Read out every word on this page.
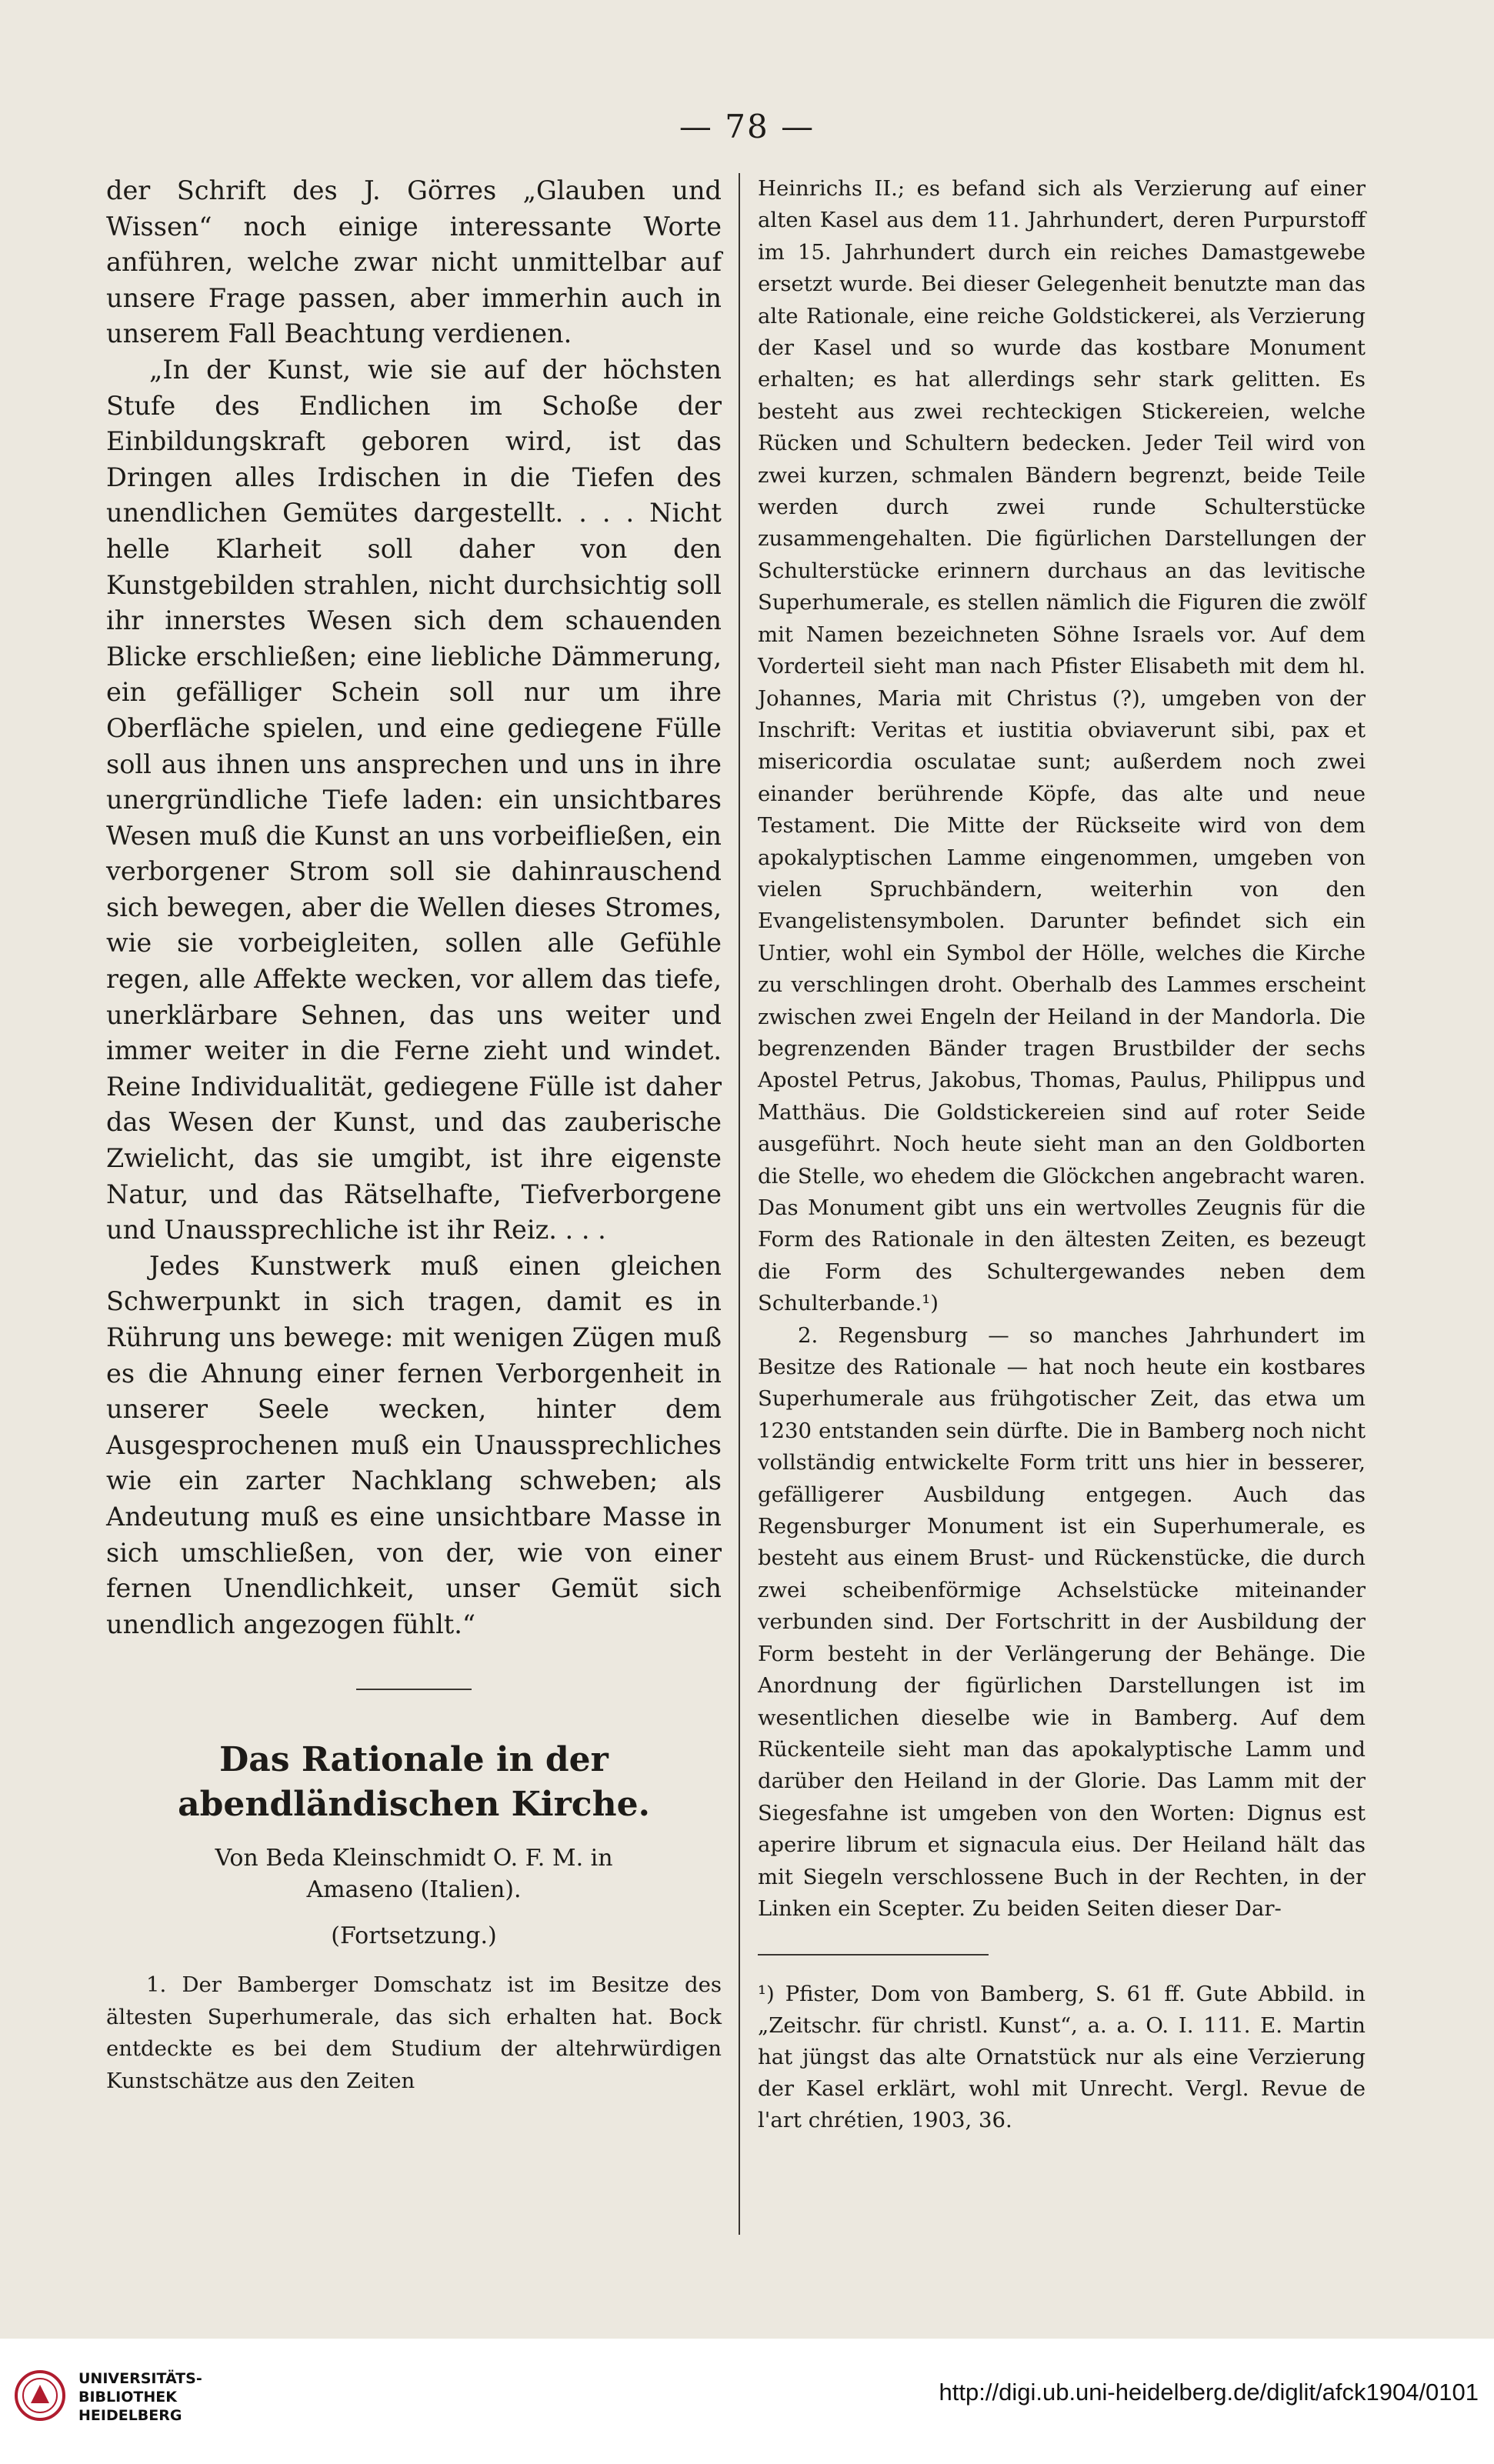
— 78 —

der Schrift des J. Görres „Glauben und Wissen“ noch einige interessante Worte anführen, welche zwar nicht unmittelbar auf unsere Frage passen, aber immerhin auch in unserem Fall Beachtung verdienen.

„In der Kunst, wie sie auf der höchsten Stufe des Endlichen im Schoße der Einbildungskraft geboren wird, ist das Dringen alles Irdischen in die Tiefen des unendlichen Gemütes dargestellt. . . . Nicht helle Klarheit soll daher von den Kunstgebilden strahlen, nicht durchsichtig soll ihr innerstes Wesen sich dem schauenden Blicke erschließen; eine liebliche Dämmerung, ein gefälliger Schein soll nur um ihre Oberfläche spielen, und eine gediegene Fülle soll aus ihnen uns ansprechen und uns in ihre unergründliche Tiefe laden: ein unsichtbares Wesen muß die Kunst an uns vorbeifließen, ein verborgener Strom soll sie dahinrauschend sich bewegen, aber die Wellen dieses Stromes, wie sie vorbeigleiten, sollen alle Gefühle regen, alle Affekte wecken, vor allem das tiefe, unerklärbare Sehnen, das uns weiter und immer weiter in die Ferne zieht und windet. Reine Individualität, gediegene Fülle ist daher das Wesen der Kunst, und das zauberische Zwielicht, das sie umgibt, ist ihre eigenste Natur, und das Rätselhafte, Tiefverborgene und Unaussprechliche ist ihr Reiz. . . .

Jedes Kunstwerk muß einen gleichen Schwerpunkt in sich tragen, damit es in Rührung uns bewege: mit wenigen Zügen muß es die Ahnung einer fernen Verborgenheit in unserer Seele wecken, hinter dem Ausgesprochenen muß ein Unaussprechliches wie ein zarter Nachklang schweben; als Andeutung muß es eine unsichtbare Masse in sich umschließen, von der, wie von einer fernen Unendlichkeit, unser Gemüt sich unendlich angezogen fühlt.“

Das Rationale in der abendländischen Kirche.

Von Beda Kleinschmidt O. F. M. in

Amaseno (Italien).

(Fortsetzung.)

1. Der Bamberger Domschatz ist im Besitze des ältesten Superhumerale, das sich erhalten hat. Bock entdeckte es bei dem Studium der altehrwürdigen Kunstschätze aus den Zeiten

Heinrichs II.; es befand sich als Verzierung auf einer alten Kasel aus dem 11. Jahrhundert, deren Purpurstoff im 15. Jahrhundert durch ein reiches Damastgewebe ersetzt wurde. Bei dieser Gelegenheit benutzte man das alte Rationale, eine reiche Goldstickerei, als Verzierung der Kasel und so wurde das kostbare Monument erhalten; es hat allerdings sehr stark gelitten. Es besteht aus zwei rechteckigen Stickereien, welche Rücken und Schultern bedecken. Jeder Teil wird von zwei kurzen, schmalen Bändern begrenzt, beide Teile werden durch zwei runde Schulterstücke zusammengehalten. Die figürlichen Darstellungen der Schulterstücke erinnern durchaus an das levitische Superhumerale, es stellen nämlich die Figuren die zwölf mit Namen bezeichneten Söhne Israels vor. Auf dem Vorderteil sieht man nach Pfister Elisabeth mit dem hl. Johannes, Maria mit Christus (?), umgeben von der Inschrift: Veritas et iustitia obviaverunt sibi, pax et misericordia osculatae sunt; außerdem noch zwei einander berührende Köpfe, das alte und neue Testament. Die Mitte der Rückseite wird von dem apokalyptischen Lamme eingenommen, umgeben von vielen Spruchbändern, weiterhin von den Evangelistensymbolen. Darunter befindet sich ein Untier, wohl ein Symbol der Hölle, welches die Kirche zu verschlingen droht. Oberhalb des Lammes erscheint zwischen zwei Engeln der Heiland in der Mandorla. Die begrenzenden Bänder tragen Brustbilder der sechs Apostel Petrus, Jakobus, Thomas, Paulus, Philippus und Matthäus. Die Goldstickereien sind auf roter Seide ausgeführt. Noch heute sieht man an den Goldborten die Stelle, wo ehedem die Glöckchen angebracht waren. Das Monument gibt uns ein wertvolles Zeugnis für die Form des Rationale in den ältesten Zeiten, es bezeugt die Form des Schultergewandes neben dem Schulterbande.¹)

2. Regensburg — so manches Jahrhundert im Besitze des Rationale — hat noch heute ein kostbares Superhumerale aus frühgotischer Zeit, das etwa um 1230 entstanden sein dürfte. Die in Bamberg noch nicht vollständig entwickelte Form tritt uns hier in besserer, gefälligerer Ausbildung entgegen. Auch das Regensburger Monument ist ein Superhumerale, es besteht aus einem Brust- und Rückenstücke, die durch zwei scheibenförmige Achselstücke miteinander verbunden sind. Der Fortschritt in der Ausbildung der Form besteht in der Verlängerung der Behänge. Die Anordnung der figürlichen Darstellungen ist im wesentlichen dieselbe wie in Bamberg. Auf dem Rückenteile sieht man das apokalyptische Lamm und darüber den Heiland in der Glorie. Das Lamm mit der Siegesfahne ist umgeben von den Worten: Dignus est aperire librum et signacula eius. Der Heiland hält das mit Siegeln verschlossene Buch in der Rechten, in der Linken ein Scepter. Zu beiden Seiten dieser Dar-

¹) Pfister, Dom von Bamberg, S. 61 ff. Gute Abbild. in „Zeitschr. für christl. Kunst“, a. a. O. I. 111. E. Martin hat jüngst das alte Ornatstück nur als eine Verzierung der Kasel erklärt, wohl mit Unrecht. Vergl. Revue de l'art chrétien, 1903, 36.

UNIVERSITÄTS-
BIBLIOTHEK
HEIDELBERG
http://digi.ub.uni-heidelberg.de/diglit/afck1904/0101
